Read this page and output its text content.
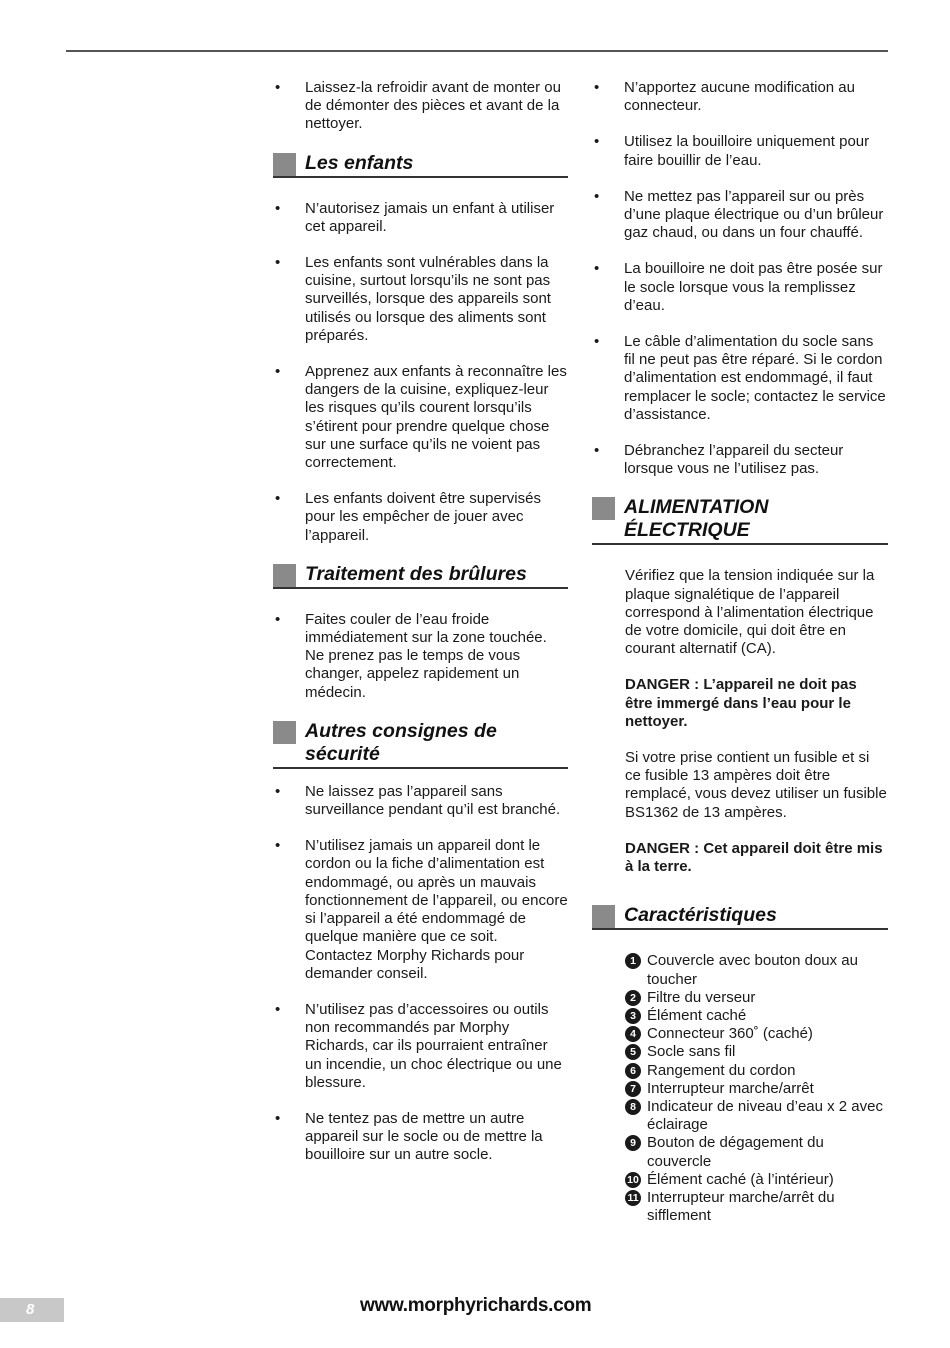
• Laissez-la refroidir avant de monter ou de démonter des pièces et avant de la nettoyer.
Les enfants
• N’autorisez jamais un enfant à utiliser cet appareil.
• Les enfants sont vulnérables dans la cuisine, surtout lorsqu’ils ne sont pas surveillés, lorsque des appareils sont utilisés ou lorsque des aliments sont préparés.
• Apprenez aux enfants à reconnaître les dangers de la cuisine, expliquez-leur les risques qu’ils courent lorsqu’ils s’étirent pour prendre quelque chose sur une surface qu’ils ne voient pas correctement.
• Les enfants doivent être supervisés pour les empêcher de jouer avec l’appareil.
Traitement des brûlures
• Faites couler de l’eau froide immédiatement sur la zone touchée. Ne prenez pas le temps de vous changer, appelez rapidement un médecin.
Autres consignes de sécurité
• Ne laissez pas l’appareil sans surveillance pendant qu’il est branché.
• N’utilisez jamais un appareil dont le cordon ou la fiche d’alimentation est endommagé, ou après un mauvais fonctionnement de l’appareil, ou encore si l’appareil a été endommagé de quelque manière que ce soit. Contactez Morphy Richards pour demander conseil.
• N’utilisez pas d’accessoires ou outils non recommandés par Morphy Richards, car ils pourraient entraîner un incendie, un choc électrique ou une blessure.
• Ne tentez pas de mettre un autre appareil sur le socle ou de mettre la bouilloire sur un autre socle.
• N’apportez aucune modification au connecteur.
• Utilisez la bouilloire uniquement pour faire bouillir de l’eau.
• Ne mettez pas l’appareil sur ou près d’une plaque électrique ou d’un brûleur gaz chaud, ou dans un four chauffé.
• La bouilloire ne doit pas être posée sur le socle lorsque vous la remplissez d’eau.
• Le câble d’alimentation du socle sans fil ne peut pas être réparé. Si le cordon d’alimentation est endommagé, il faut remplacer le socle; contactez le service d’assistance.
• Débranchez l’appareil du secteur lorsque vous ne l’utilisez pas.
ALIMENTATION ÉLECTRIQUE

Vérifiez que la tension indiquée sur la plaque signalétique de l’appareil correspond à l’alimentation électrique de votre domicile, qui doit être en courant alternatif (CA).

DANGER : L’appareil ne doit pas être immergé dans l’eau pour le nettoyer.

Si votre prise contient un fusible et si ce fusible 13 ampères doit être remplacé, vous devez utiliser un fusible BS1362 de 13 ampères.

DANGER : Cet appareil doit être mis à la terre.

Caractéristiques
1 Couvercle avec bouton doux au toucher
2 Filtre du verseur
3 Élément caché
4 Connecteur 360˚ (caché)
5 Socle sans fil
6 Rangement du cordon
7 Interrupteur marche/arrêt
8 Indicateur de niveau d’eau x 2 avec éclairage
9 Bouton de dégagement du couvercle
10 Élément caché (à l’intérieur)
11 Interrupteur marche/arrêt du sifflement
8	www.morphyrichards.com
